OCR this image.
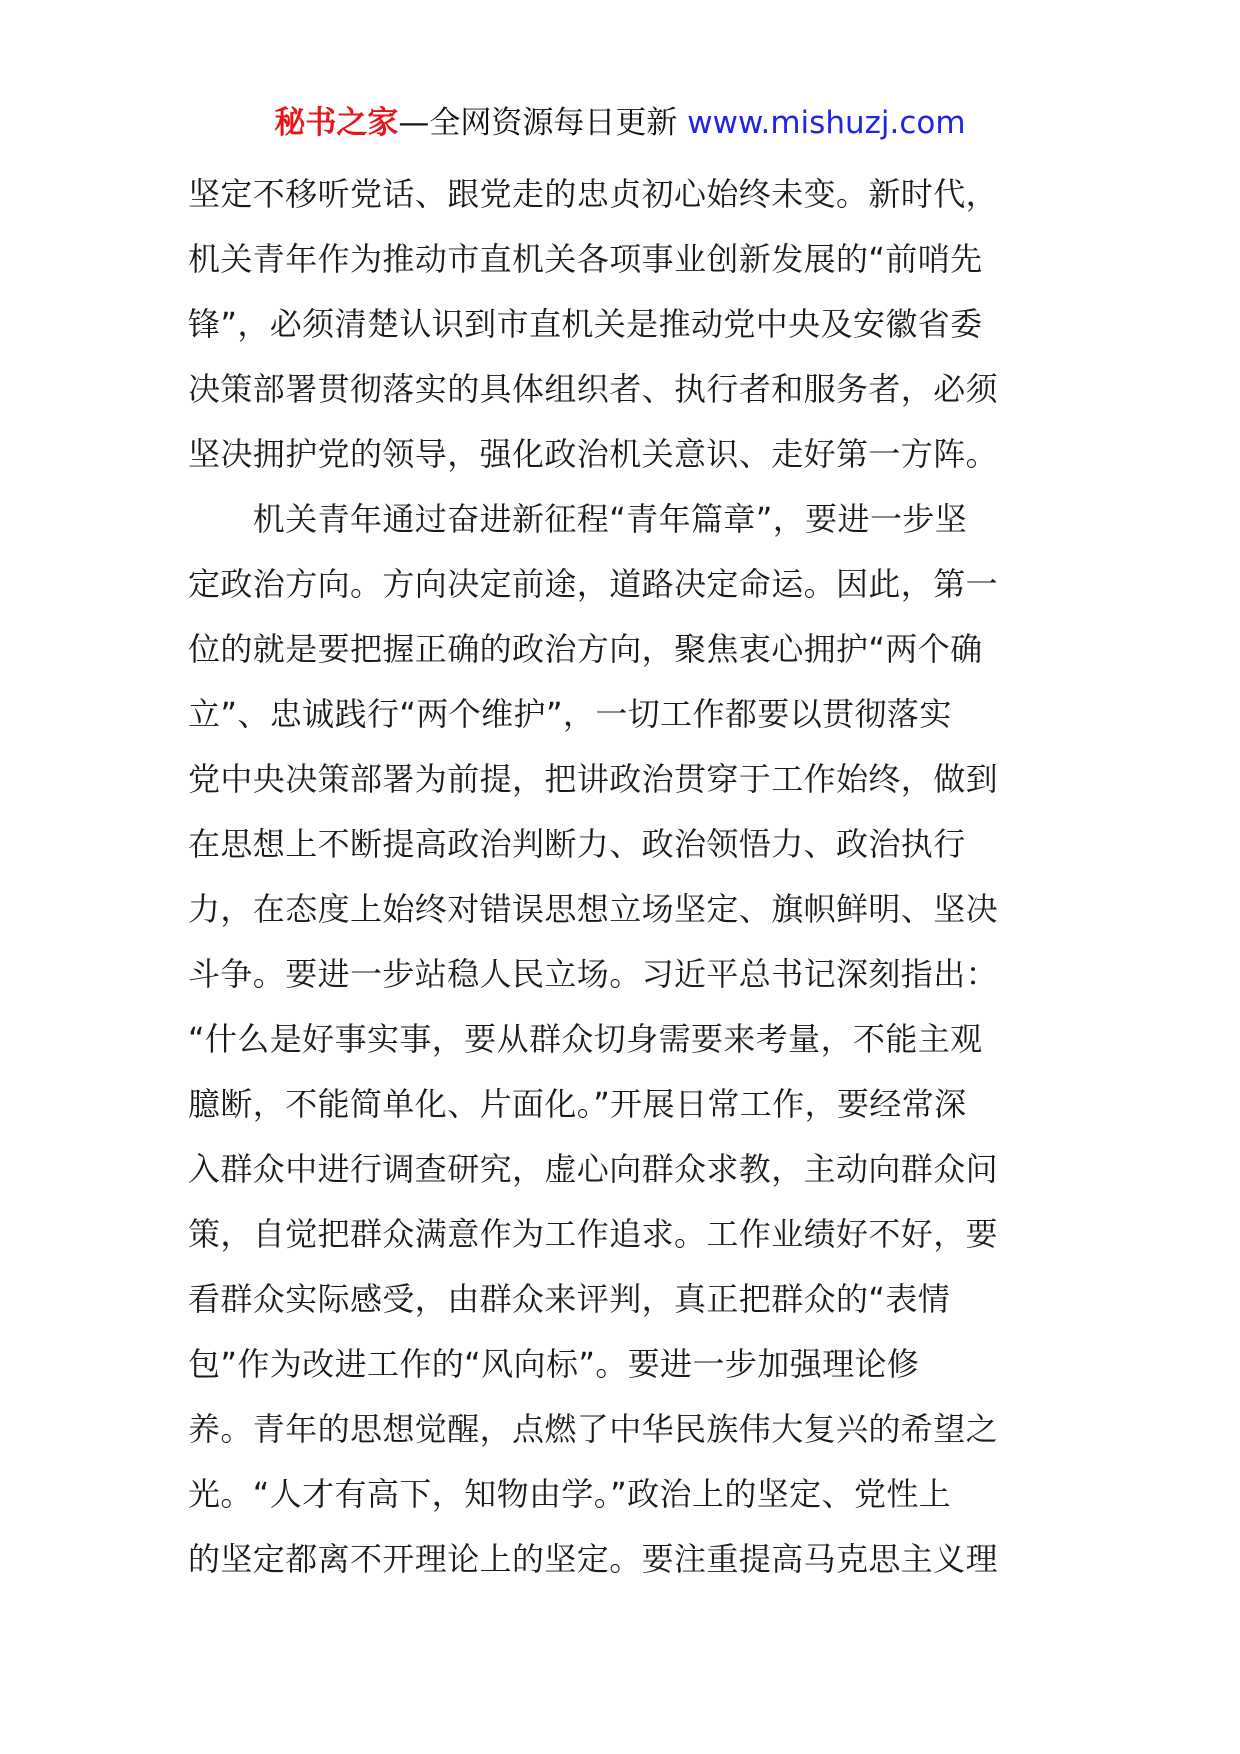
秘书之家—全网资源每日更新 www.mishuzj.com
坚定不移听党话、跟党走的忠贞初心始终未变。新时代，
机关青年作为推动市直机关各项事业创新发展的“前哨先
锋”，必须清楚认识到市直机关是推动党中央及安徽省委
决策部署贯彻落实的具体组织者、执行者和服务者，必须
坚决拥护党的领导，强化政治机关意识、走好第一方阵。
　　机关青年通过奋进新征程“青年篇章”，要进一步坚
定政治方向。方向决定前途，道路决定命运。因此，第一
位的就是要把握正确的政治方向，聚焦衷心拥护“两个确
立”、忠诚践行“两个维护”，一切工作都要以贯彻落实
党中央决策部署为前提，把讲政治贯穿于工作始终，做到
在思想上不断提高政治判断力、政治领悟力、政治执行
力，在态度上始终对错误思想立场坚定、旗帜鲜明、坚决
斗争。要进一步站稳人民立场。习近平总书记深刻指出：
“什么是好事实事，要从群众切身需要来考量，不能主观
臆断，不能简单化、片面化。”开展日常工作，要经常深
入群众中进行调查研究，虚心向群众求教，主动向群众问
策，自觉把群众满意作为工作追求。工作业绩好不好，要
看群众实际感受，由群众来评判，真正把群众的“表情
包”作为改进工作的“风向标”。要进一步加强理论修
养。青年的思想觉醒，点燃了中华民族伟大复兴的希望之
光。“人才有高下，知物由学。”政治上的坚定、党性上
的坚定都离不开理论上的坚定。要注重提高马克思主义理
